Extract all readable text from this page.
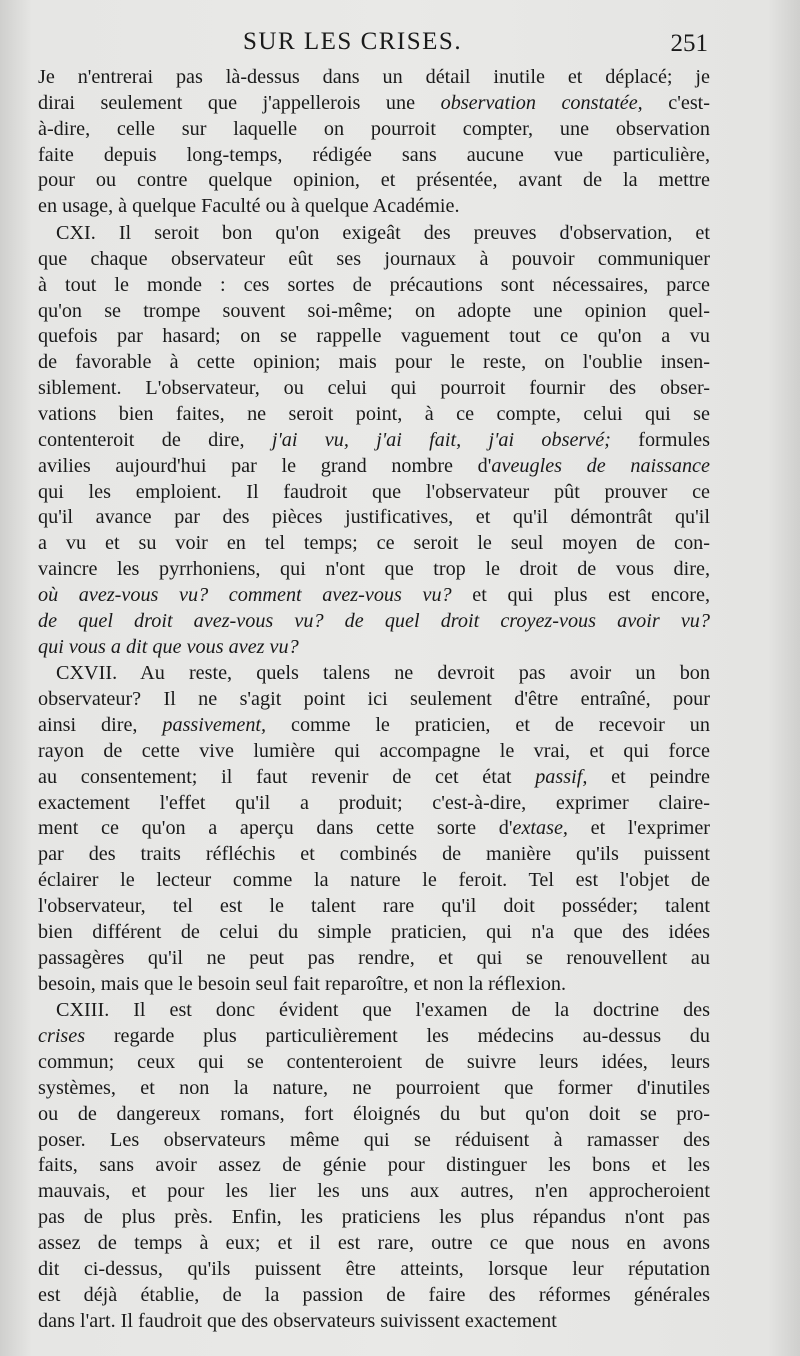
SUR LES CRISES.	251
Je n'entrerai pas là-dessus dans un détail inutile et déplacé; je
dirai seulement que j'appellerois une observation constatée, c'est-
à-dire, celle sur laquelle on pourroit compter, une observation
faite depuis long-temps, rédigée sans aucune vue particulière,
pour ou contre quelque opinion, et présentée, avant de la mettre
en usage, à quelque Faculté ou à quelque Académie.
CXI. Il seroit bon qu'on exigeât des preuves d'observation, et
que chaque observateur eût ses journaux à pouvoir communiquer
à tout le monde : ces sortes de précautions sont nécessaires, parce
qu'on se trompe souvent soi-même; on adopte une opinion quel-
quefois par hasard; on se rappelle vaguement tout ce qu'on a vu
de favorable à cette opinion; mais pour le reste, on l'oublie insen-
siblement. L'observateur, ou celui qui pourroit fournir des obser-
vations bien faites, ne seroit point, à ce compte, celui qui se
contenteroit de dire, j'ai vu, j'ai fait, j'ai observé; formules
avilies aujourd'hui par le grand nombre d'aveugles de naissance
qui les emploient. Il faudroit que l'observateur pût prouver ce
qu'il avance par des pièces justificatives, et qu'il démontrât qu'il
a vu et su voir en tel temps; ce seroit le seul moyen de con-
vaincre les pyrrhoniens, qui n'ont que trop le droit de vous dire,
où avez-vous vu? comment avez-vous vu? et qui plus est encore,
de quel droit avez-vous vu? de quel droit croyez-vous avoir vu?
qui vous a dit que vous avez vu?
CXVII. Au reste, quels talens ne devroit pas avoir un bon
observateur? Il ne s'agit point ici seulement d'être entraîné, pour
ainsi dire, passivement, comme le praticien, et de recevoir un
rayon de cette vive lumière qui accompagne le vrai, et qui force
au consentement; il faut revenir de cet état passif, et peindre
exactement l'effet qu'il a produit; c'est-à-dire, exprimer claire-
ment ce qu'on a aperçu dans cette sorte d'extase, et l'exprimer
par des traits réfléchis et combinés de manière qu'ils puissent
éclairer le lecteur comme la nature le feroit. Tel est l'objet de
l'observateur, tel est le talent rare qu'il doit posséder; talent
bien différent de celui du simple praticien, qui n'a que des idées
passagères qu'il ne peut pas rendre, et qui se renouvellent au
besoin, mais que le besoin seul fait reparoître, et non la réflexion.
CXIII. Il est donc évident que l'examen de la doctrine des
crises regarde plus particulièrement les médecins au-dessus du
commun; ceux qui se contenteroient de suivre leurs idées, leurs
systèmes, et non la nature, ne pourroient que former d'inutiles
ou de dangereux romans, fort éloignés du but qu'on doit se pro-
poser. Les observateurs même qui se réduisent à ramasser des
faits, sans avoir assez de génie pour distinguer les bons et les
mauvais, et pour les lier les uns aux autres, n'en approcheroient
pas de plus près. Enfin, les praticiens les plus répandus n'ont pas
assez de temps à eux; et il est rare, outre ce que nous en avons
dit ci-dessus, qu'ils puissent être atteints, lorsque leur réputation
est déjà établie, de la passion de faire des réformes générales
dans l'art. Il faudroit que des observateurs suivissent exactement
